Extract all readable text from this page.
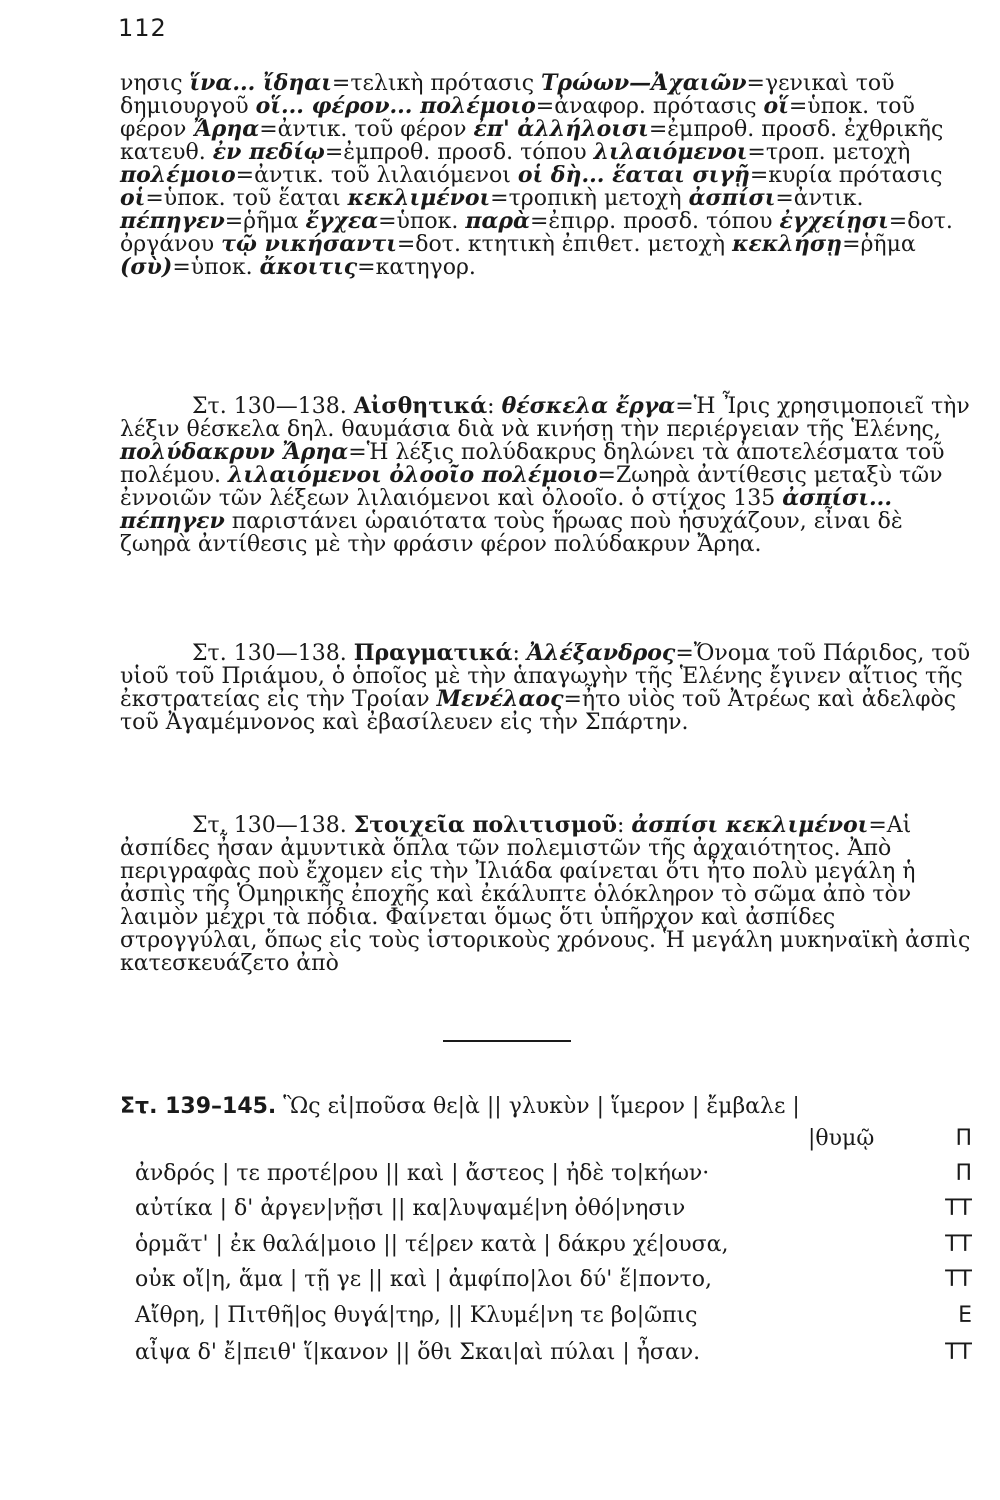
112

νησις ἵνα... ἴδηαι=τελικὴ πρότασις Τρώων—Ἀχαιῶν=γενικαὶ τοῦ δημιουργοῦ οἵ... φέρον... πολέμοιο=ἀναφορ. πρότασις οἵ=ὑποκ. τοῦ φέρον Ἄρηα=ἀντικ. τοῦ φέρον ἐπ' ἀλλήλοισι=ἐμπροθ. προσδ. ἐχθρικῆς κατευθ. ἐν πεδίῳ=ἐμπροθ. προσδ. τόπου λιλαιόμενοι=τροπ. μετοχὴ πολέμοιο=ἀντικ. τοῦ λιλαιόμενοι οἱ δὴ... ἕαται σιγῇ=κυρία πρότασις οἱ=ὑποκ. τοῦ ἕαται κεκλιμένοι=τροπικὴ μετοχὴ ἀσπίσι=ἀντικ. πέπηγεν=ῥῆμα ἔγχεα=ὑποκ. παρὰ=ἐπιρρ. προσδ. τόπου ἐγχείῃσι=δοτ. ὀργάνου τῷ νικήσαντι=δοτ. κτητικὴ ἐπιθετ. μετοχὴ κεκλήσῃ=ῥῆμα (σὺ)=ὑποκ. ἄκοιτις=κατηγορ.

Στ. 130—138. Αἰσθητικά: θέσκελα ἔργα=Ἡ Ἶρις χρησιμοποιεῖ τὴν λέξιν θέσκελα δηλ. θαυμάσια διὰ νὰ κινήσῃ τὴν περιέργειαν τῆς Ἑλένης, πολύδακρυν Ἄρηα=Ἡ λέξις πολύδακρυς δηλώνει τὰ ἀποτελέσματα τοῦ πολέμου. λιλαιόμενοι ὀλοοῖο πολέμοιο=Ζωηρὰ ἀντίθεσις μεταξὺ τῶν ἐννοιῶν τῶν λέξεων λιλαιόμενοι καὶ ὀλοοῖο. ὁ στίχος 135 ἀσπίσι... πέπηγεν παριστάνει ὡραιότατα τοὺς ἥρωας ποὺ ἡσυχάζουν, εἶναι δὲ ζωηρὰ ἀντίθεσις μὲ τὴν φράσιν φέρον πολύδακρυν Ἄρηα.

Στ. 130—138. Πραγματικά: Ἀλέξανδρος=Ὄνομα τοῦ Πάριδος, τοῦ υἱοῦ τοῦ Πριάμου, ὁ ὁποῖος μὲ τὴν ἁπαγωγὴν τῆς Ἑλένης ἔγινεν αἴτιος τῆς ἐκστρατείας εἰς τὴν Τροίαν Μενέλαος=ἦτο υἱὸς τοῦ Ἀτρέως καὶ ἀδελφὸς τοῦ Ἀγαμέμνονος καὶ ἐβασίλευεν εἰς τὴν Σπάρτην.

Στ. 130—138. Στοιχεῖα πολιτισμοῦ: ἀσπίσι κεκλιμένοι=Αἱ ἀσπίδες ἦσαν ἀμυντικὰ ὅπλα τῶν πολεμιστῶν τῆς ἀρχαιότητος. Ἀπὸ περιγραφὰς ποὺ ἔχομεν εἰς τὴν Ἰλιάδα φαίνεται ὅτι ἦτο πολὺ μεγάλη ἡ ἀσπὶς τῆς Ὁμηρικῆς ἐποχῆς καὶ ἐκάλυπτε ὁλόκληρον τὸ σῶμα ἀπὸ τὸν λαιμὸν μέχρι τὰ πόδια. Φαίνεται ὅμως ὅτι ὑπῆρχον καὶ ἀσπίδες στρογγύλαι, ὅπως εἰς τοὺς ἱστορικοὺς χρόνους. Ἡ μεγάλη μυκηναϊκὴ ἀσπὶς κατεσκευάζετο ἀπὸ

Στ. 139–145. Ὣς εἰ|ποῦσα θε|ὰ || γλυκὺν | ἵμερον | ἔμβαλε |
|θυμῷ	Π
ἀνδρός | τε προτέ|ρου || καὶ | ἄστεος | ἠδὲ το|κήων·	Π
αὐτίκα | δ' ἀργεν|νῇσι || κα|λυψαμέ|νη ὀθό|νησιν	ΤΤ
ὁρμᾶτ' | ἐκ θαλά|μοιο || τέ|ρεν κατὰ | δάκρυ χέ|ουσα,	ΤΤ
οὐκ οἴ|η, ἅμα | τῇ γε || καὶ | ἀμφίπο|λοι δύ' ἕ|ποντο,	ΤΤ
Αἴθρη, | Πιτθῆ|ος θυγά|τηρ, || Κλυμέ|νη τε βο|ῶπις	Ε
αἶψα δ' ἔ|πειθ' ἵ|κανον || ὅθι Σκαι|αὶ πύλαι | ἦσαν.	ΤΤ
